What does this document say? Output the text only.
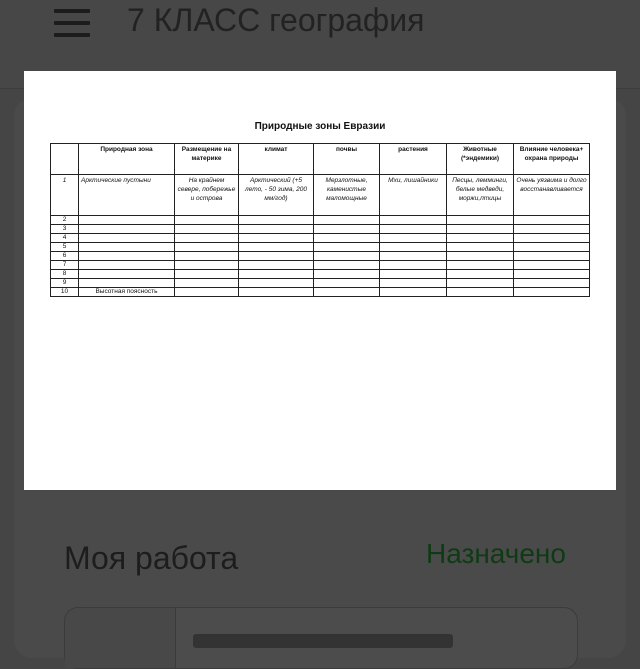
7 КЛАСС география
Моя работа	Назначено
Природные зоны Евразии
	Природная зона	Размещение на материке	климат	почвы	растения	Животные (*эндемики)	Влияние человека+ охрана природы
1	Арктические пустыни	На крайнем севере, побережье и острова	Арктический (+5 лето, - 50 зима, 200 мм/год)	Мерзлотные, каменистые маломощные	Мхи, лишайники	Песцы, лемминги, белые медведи, моржи,птицы	Очень уязвима и долго восстанавливается
2							
3							
4							
5							
6							
7							
8							
9							
10	Высотная поясность						
